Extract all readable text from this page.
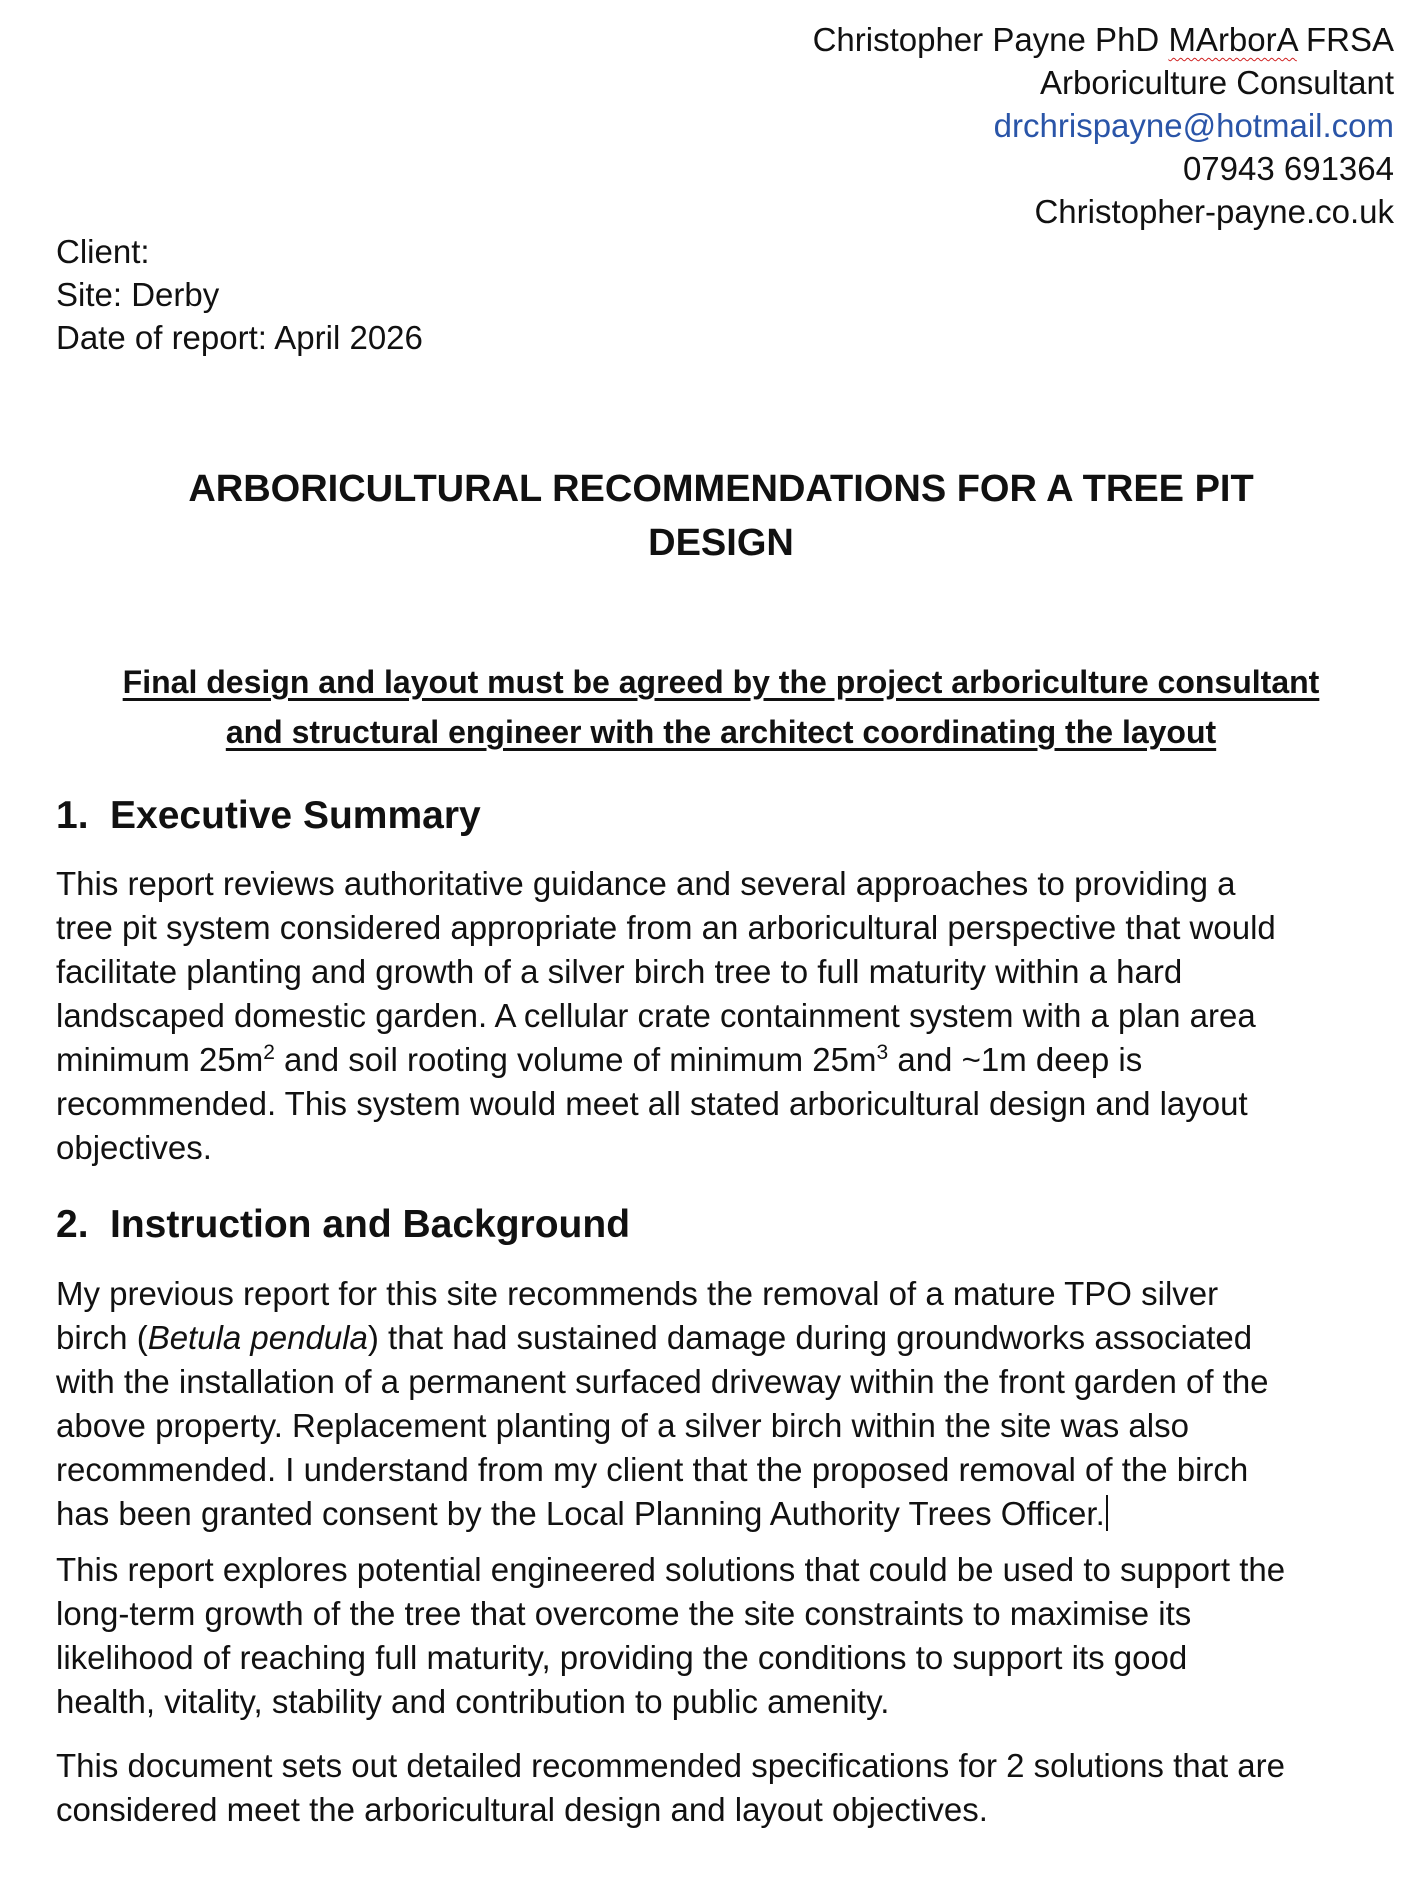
Christopher Payne PhD MArborA FRSA
Arboriculture Consultant
drchrispayne@hotmail.com
07943 691364
Christopher-payne.co.uk
Client:
Site: Derby
Date of report: April 2026
ARBORICULTURAL RECOMMENDATIONS FOR A TREE PIT
DESIGN
Final design and layout must be agreed by the project arboriculture consultant
and structural engineer with the architect coordinating the layout
1. Executive Summary
This report reviews authoritative guidance and several approaches to providing a
tree pit system considered appropriate from an arboricultural perspective that would
facilitate planting and growth of a silver birch tree to full maturity within a hard
landscaped domestic garden. A cellular crate containment system with a plan area
minimum $25m^2$ and soil rooting volume of minimum $25m^3$ and ~1m deep is
recommended. This system would meet all stated arboricultural design and layout
objectives.
2. Instruction and Background
My previous report for this site recommends the removal of a mature TPO silver
birch (Betula pendula) that had sustained damage during groundworks associated
with the installation of a permanent surfaced driveway within the front garden of the
above property. Replacement planting of a silver birch within the site was also
recommended. I understand from my client that the proposed removal of the birch
has been granted consent by the Local Planning Authority Trees Officer.
This report explores potential engineered solutions that could be used to support the
long-term growth of the tree that overcome the site constraints to maximise its
likelihood of reaching full maturity, providing the conditions to support its good
health, vitality, stability and contribution to public amenity.
This document sets out detailed recommended specifications for 2 solutions that are
considered meet the arboricultural design and layout objectives.
